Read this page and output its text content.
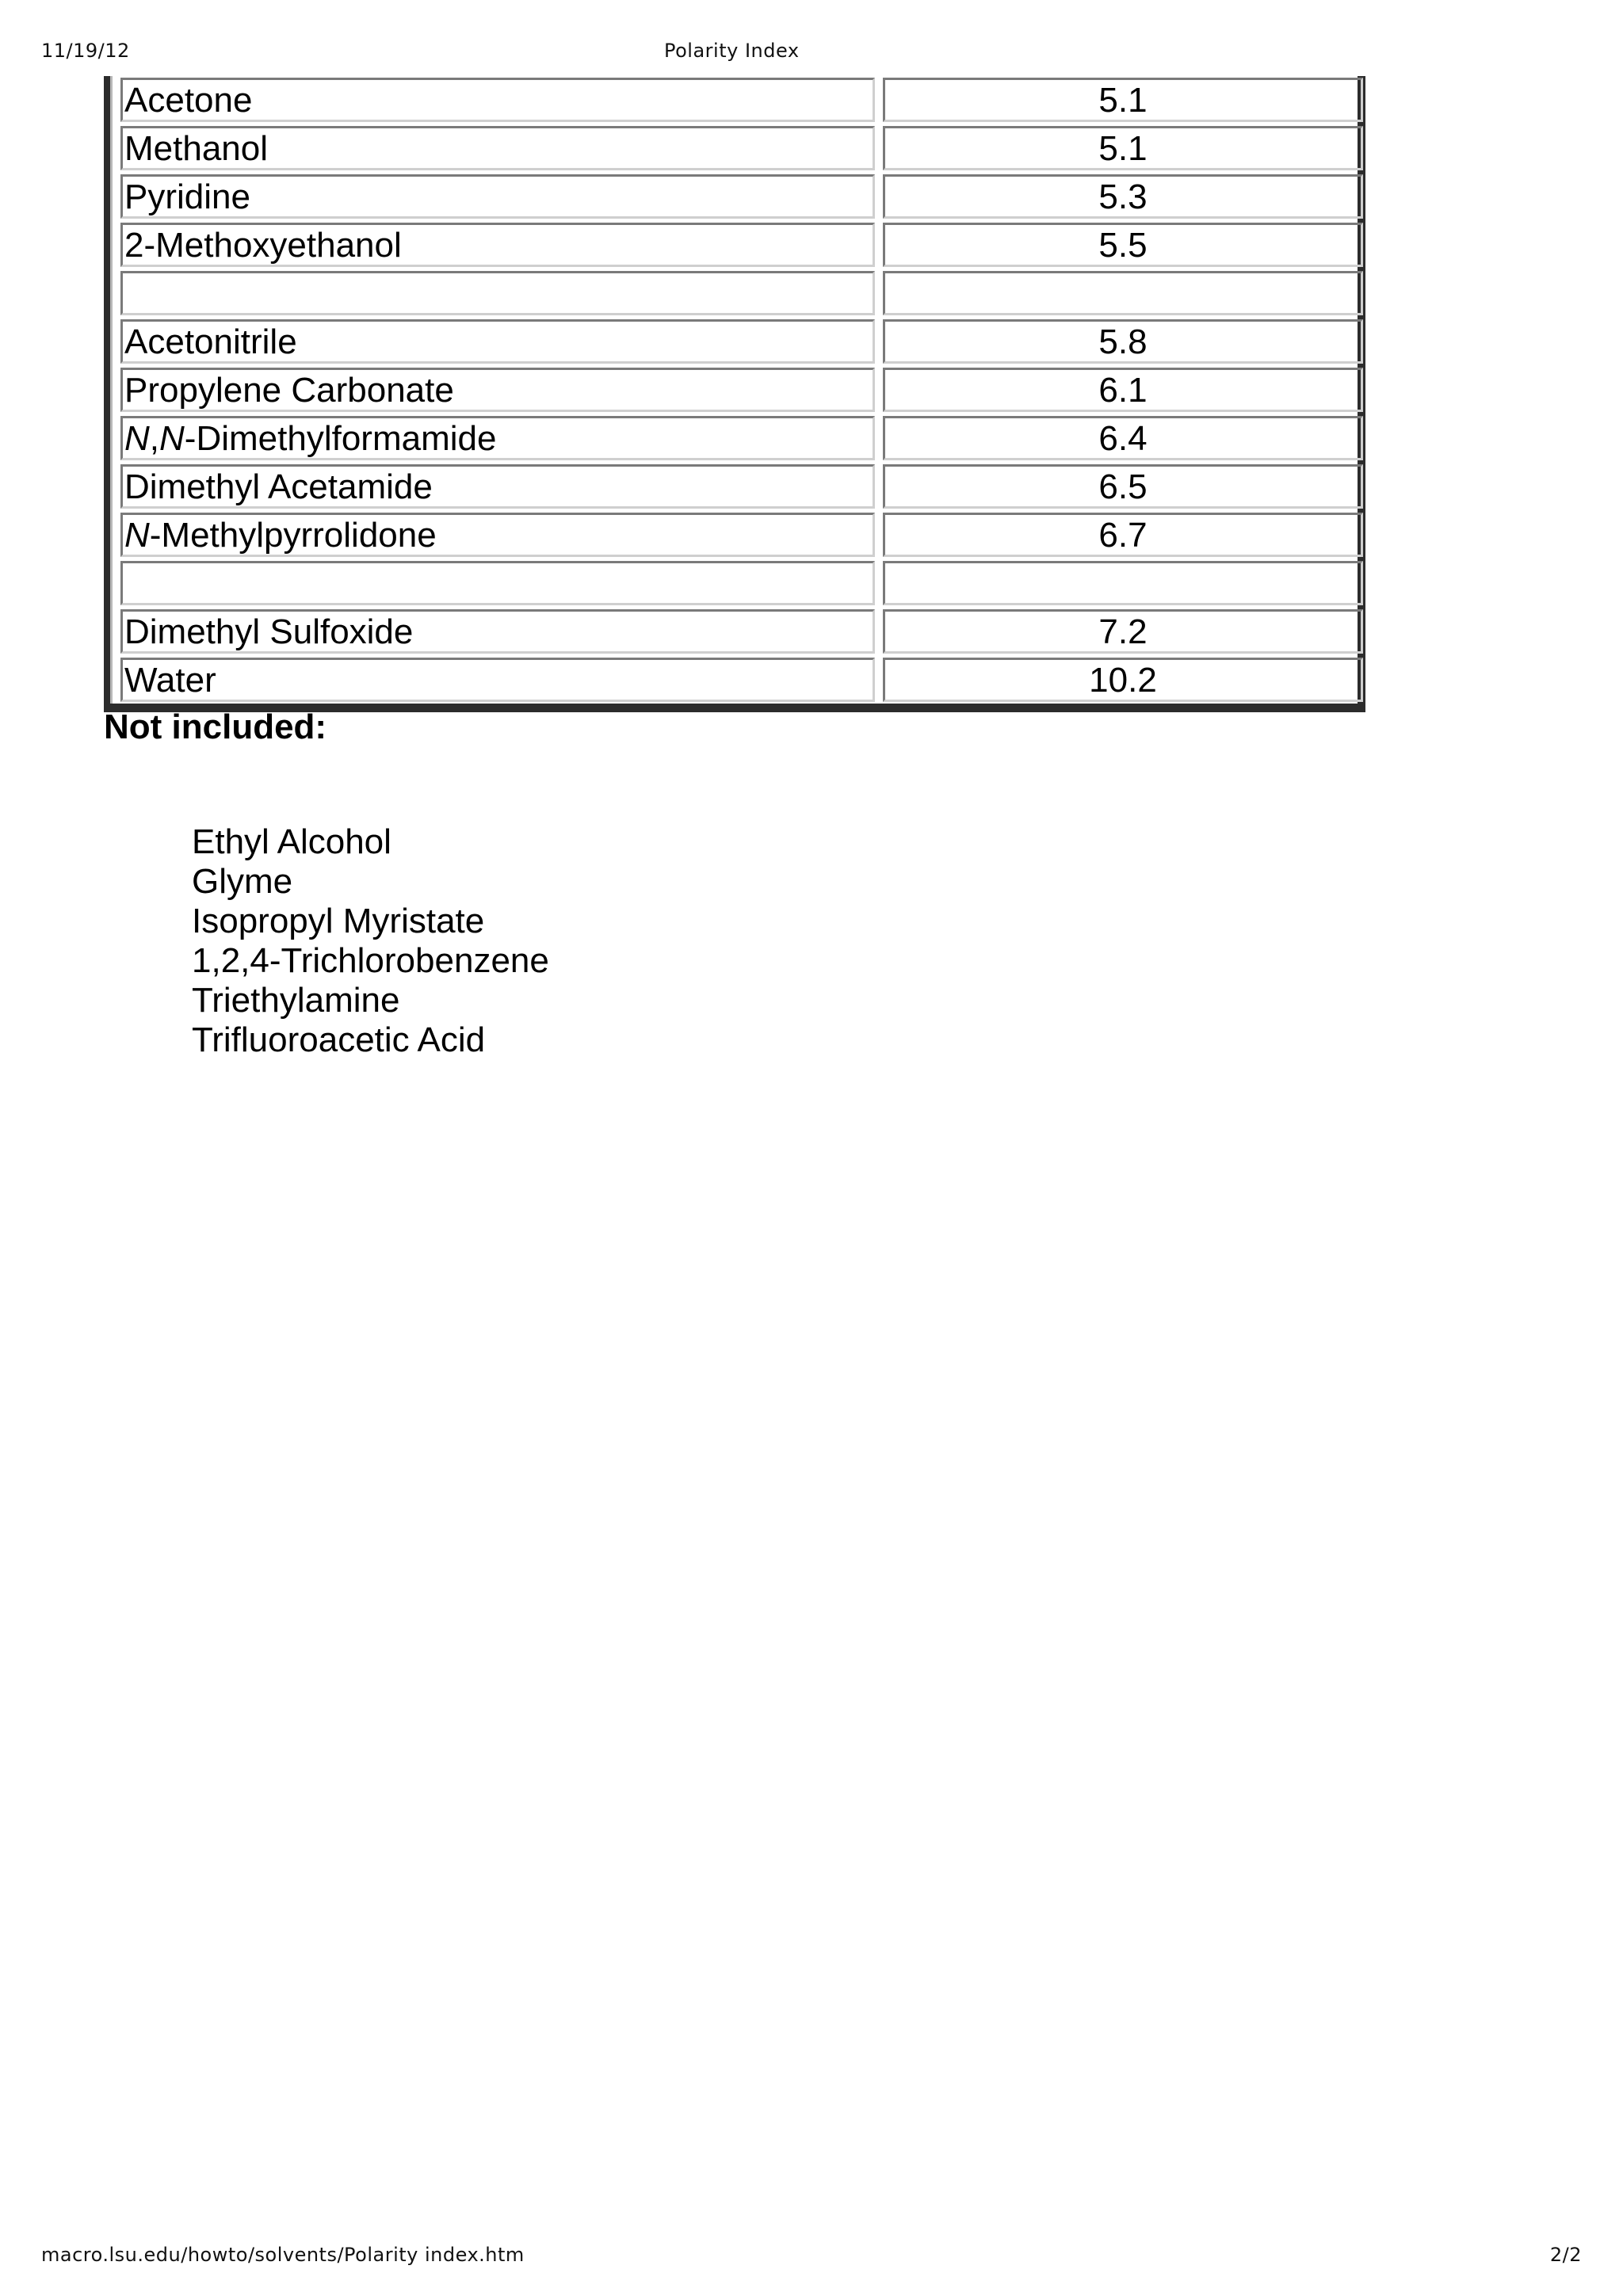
11/19/12	Polarity Index
Acetone	5.1
Methanol	5.1
Pyridine	5.3
2-Methoxyethanol	5.5
Acetonitrile	5.8
Propylene Carbonate	6.1
N,N-Dimethylformamide	6.4
Dimethyl Acetamide	6.5
N-Methylpyrrolidone	6.7
Dimethyl Sulfoxide	7.2
Water	10.2
Not included:
Ethyl Alcohol
Glyme
Isopropyl Myristate
1,2,4-Trichlorobenzene
Triethylamine
Trifluoroacetic Acid
macro.lsu.edu/howto/solvents/Polarity index.htm	2/2
